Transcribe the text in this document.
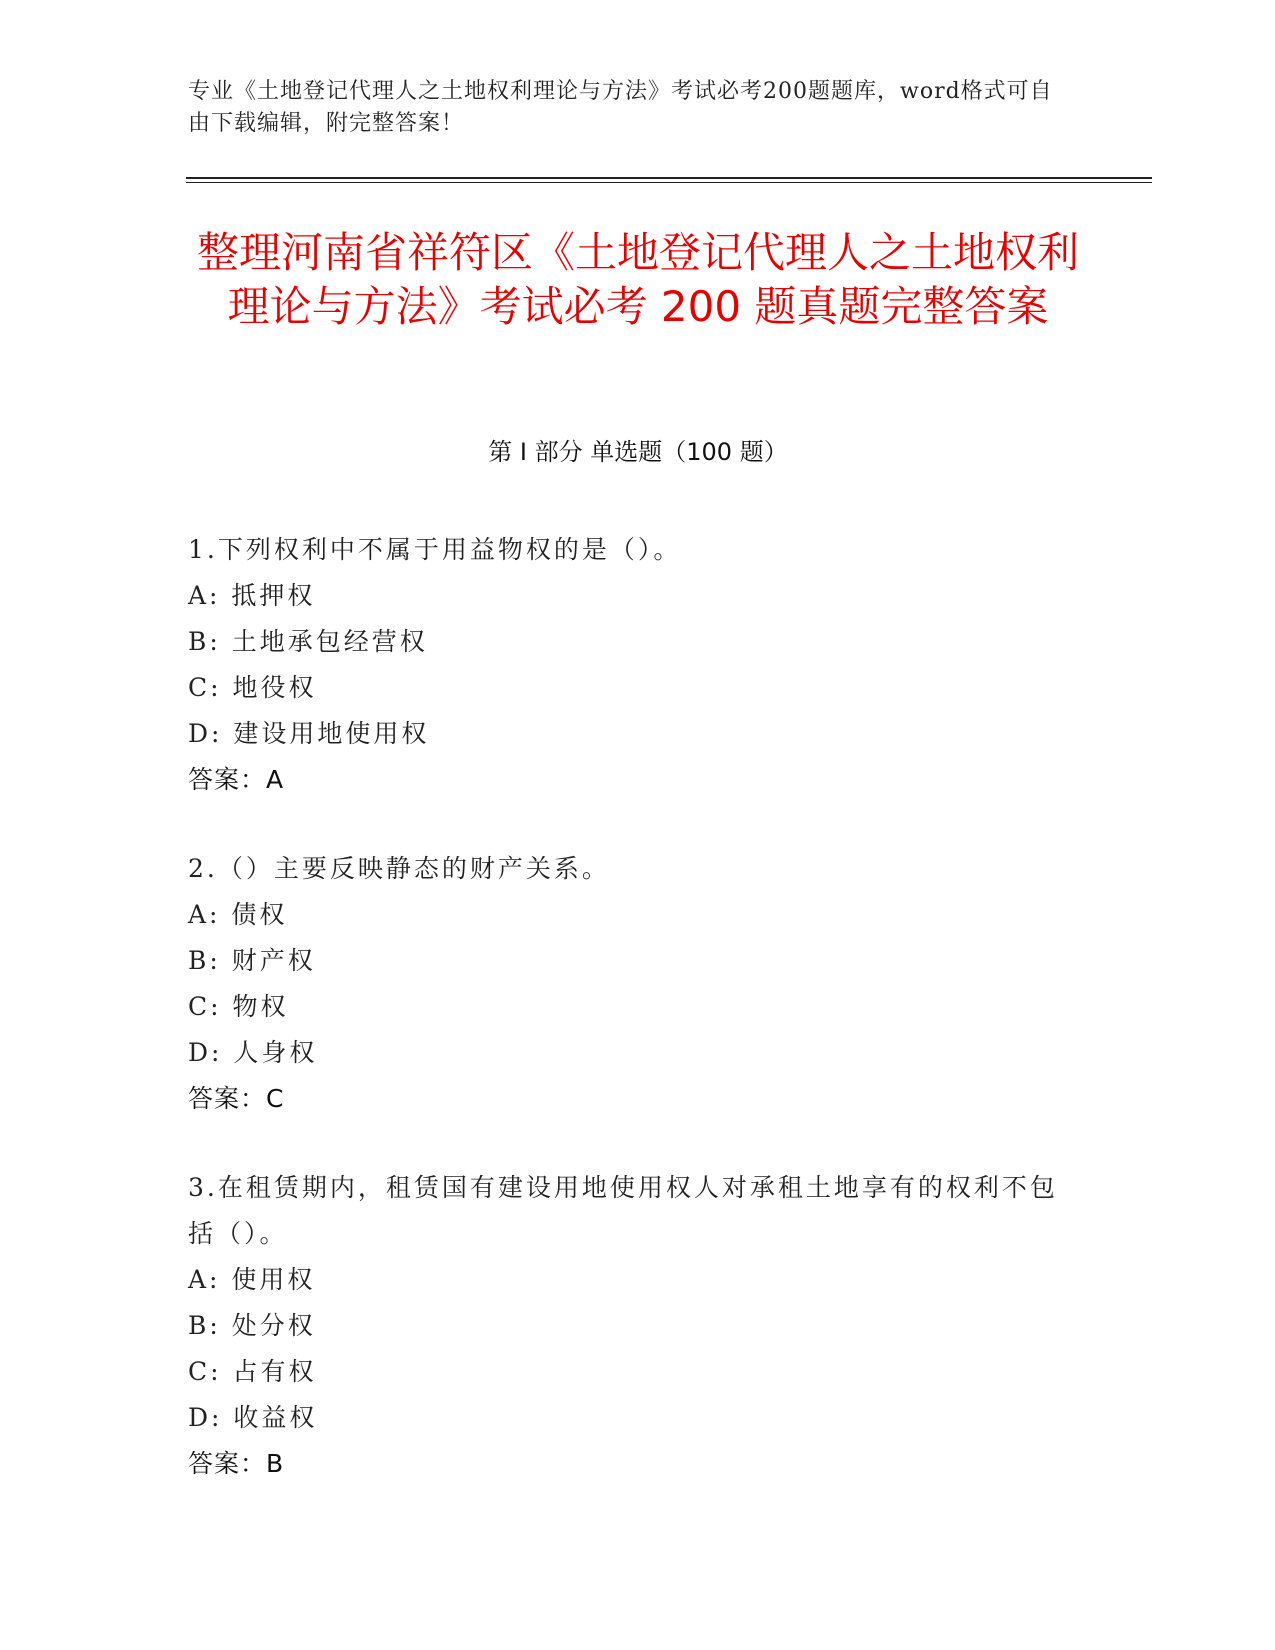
专业《土地登记代理人之土地权利理论与方法》考试必考200题题库，word格式可自由下载编辑，附完整答案！
整理河南省祥符区《土地登记代理人之土地权利理论与方法》考试必考 200 题真题完整答案
第 I 部分 单选题（100 题）

1.下列权利中不属于用益物权的是（）。

A: 抵押权

B: 土地承包经营权

C: 地役权

D: 建设用地使用权

答案：A

2.（）主要反映静态的财产关系。

A: 债权

B: 财产权

C: 物权

D: 人身权

答案：C

3.在租赁期内，租赁国有建设用地使用权人对承租土地享有的权利不包括（）。

A: 使用权

B: 处分权

C: 占有权

D: 收益权

答案：B
